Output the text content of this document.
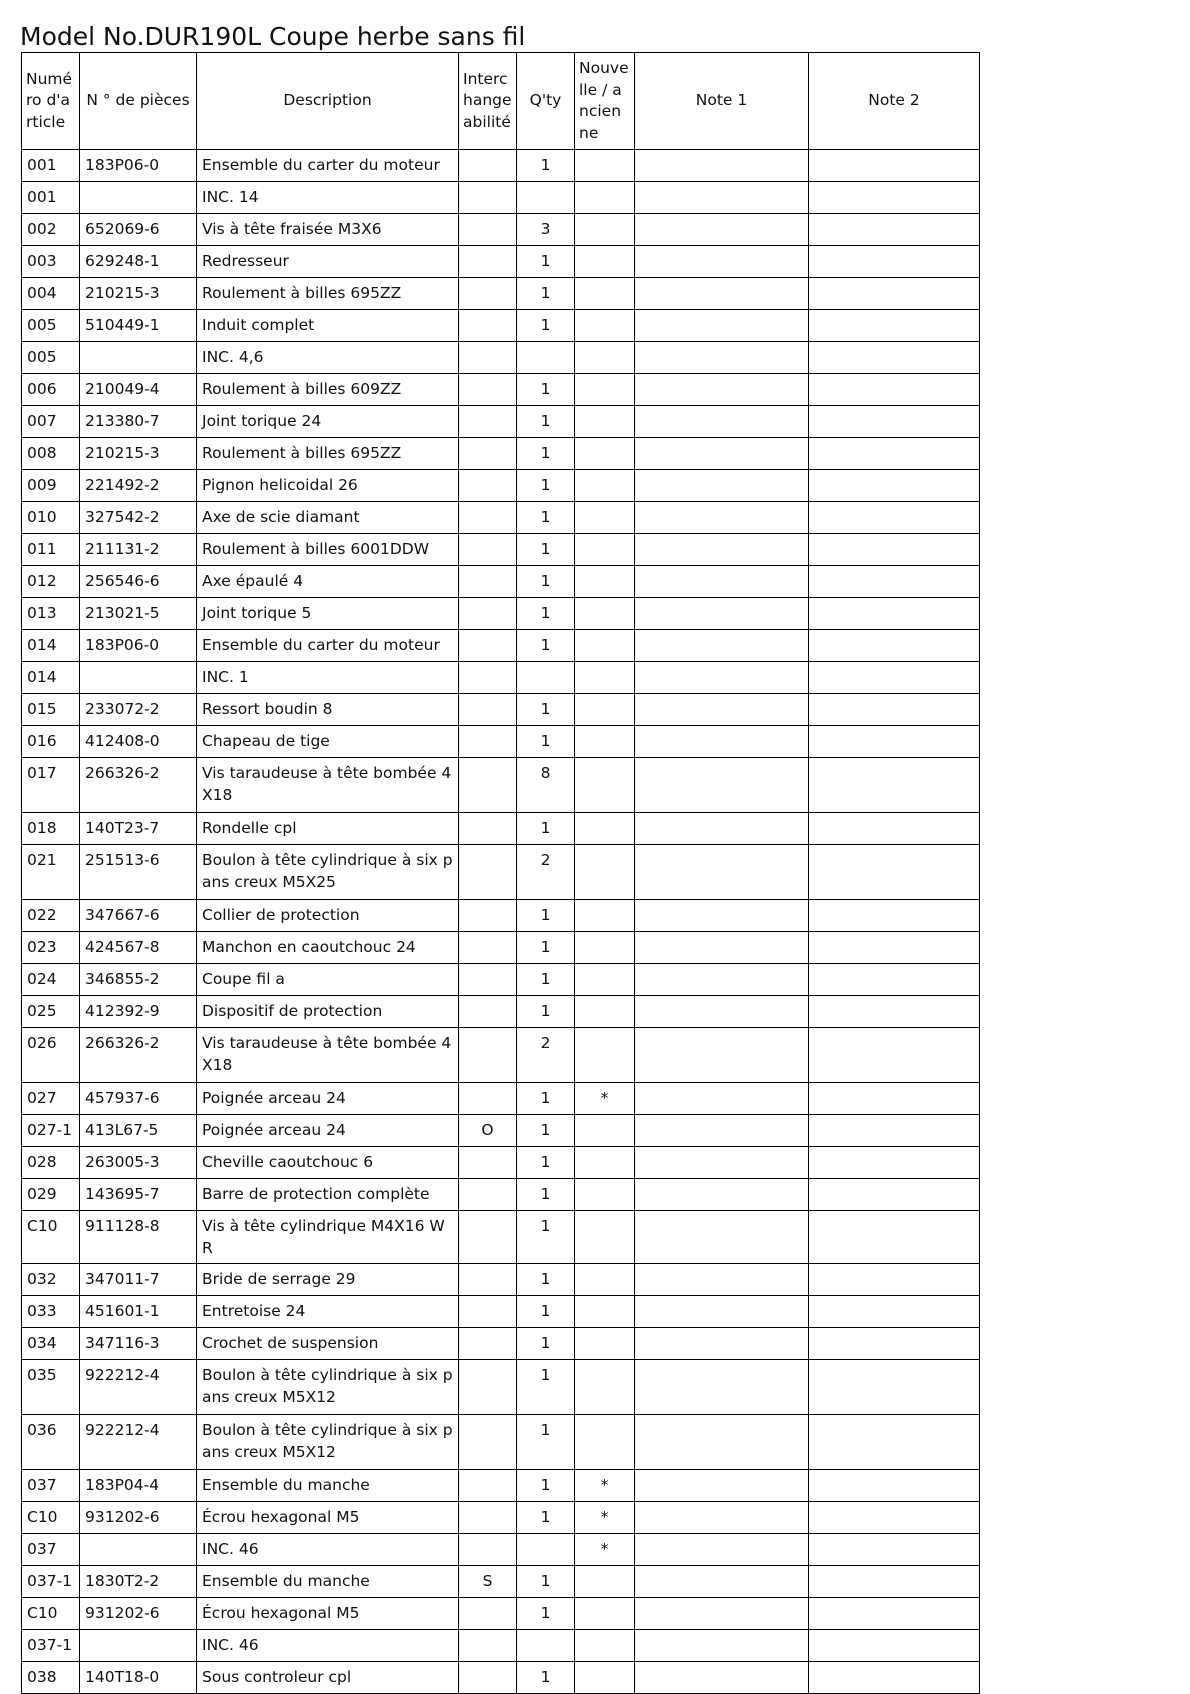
Model No.DUR190L Coupe herbe sans fil
Numéro d'article	N ° de pièces	Description	Interchangeabilité	Q'ty	Nouvelle / ancienne	Note 1	Note 2
001	183P06-0	Ensemble du carter du moteur		1			
001		INC. 14					
002	652069-6	Vis à tête fraisée M3X6		3			
003	629248-1	Redresseur		1			
004	210215-3	Roulement à billes 695ZZ		1			
005	510449-1	Induit complet		1			
005		INC. 4,6					
006	210049-4	Roulement à billes 609ZZ		1			
007	213380-7	Joint torique 24		1			
008	210215-3	Roulement à billes 695ZZ		1			
009	221492-2	Pignon helicoidal 26		1			
010	327542-2	Axe de scie diamant		1			
011	211131-2	Roulement à billes 6001DDW		1			
012	256546-6	Axe épaulé 4		1			
013	213021-5	Joint torique 5		1			
014	183P06-0	Ensemble du carter du moteur		1			
014		INC. 1					
015	233072-2	Ressort boudin 8		1			
016	412408-0	Chapeau de tige		1			
017	266326-2	Vis taraudeuse à tête bombée 4X18		8			
018	140T23-7	Rondelle cpl		1			
021	251513-6	Boulon à tête cylindrique à six pans creux M5X25		2			
022	347667-6	Collier de protection		1			
023	424567-8	Manchon en caoutchouc 24		1			
024	346855-2	Coupe fil a		1			
025	412392-9	Dispositif de protection		1			
026	266326-2	Vis taraudeuse à tête bombée 4X18		2			
027	457937-6	Poignée arceau 24		1	*		
027-1	413L67-5	Poignée arceau 24	O	1			
028	263005-3	Cheville caoutchouc 6		1			
029	143695-7	Barre de protection complète		1			
C10	911128-8	Vis à tête cylindrique M4X16 WR		1			
032	347011-7	Bride de serrage 29		1			
033	451601-1	Entretoise 24		1			
034	347116-3	Crochet de suspension		1			
035	922212-4	Boulon à tête cylindrique à six pans creux M5X12		1			
036	922212-4	Boulon à tête cylindrique à six pans creux M5X12		1			
037	183P04-4	Ensemble du manche		1	*		
C10	931202-6	Écrou hexagonal M5		1	*		
037		INC. 46			*		
037-1	1830T2-2	Ensemble du manche	S	1			
C10	931202-6	Écrou hexagonal M5		1			
037-1		INC. 46					
038	140T18-0	Sous controleur cpl		1			
